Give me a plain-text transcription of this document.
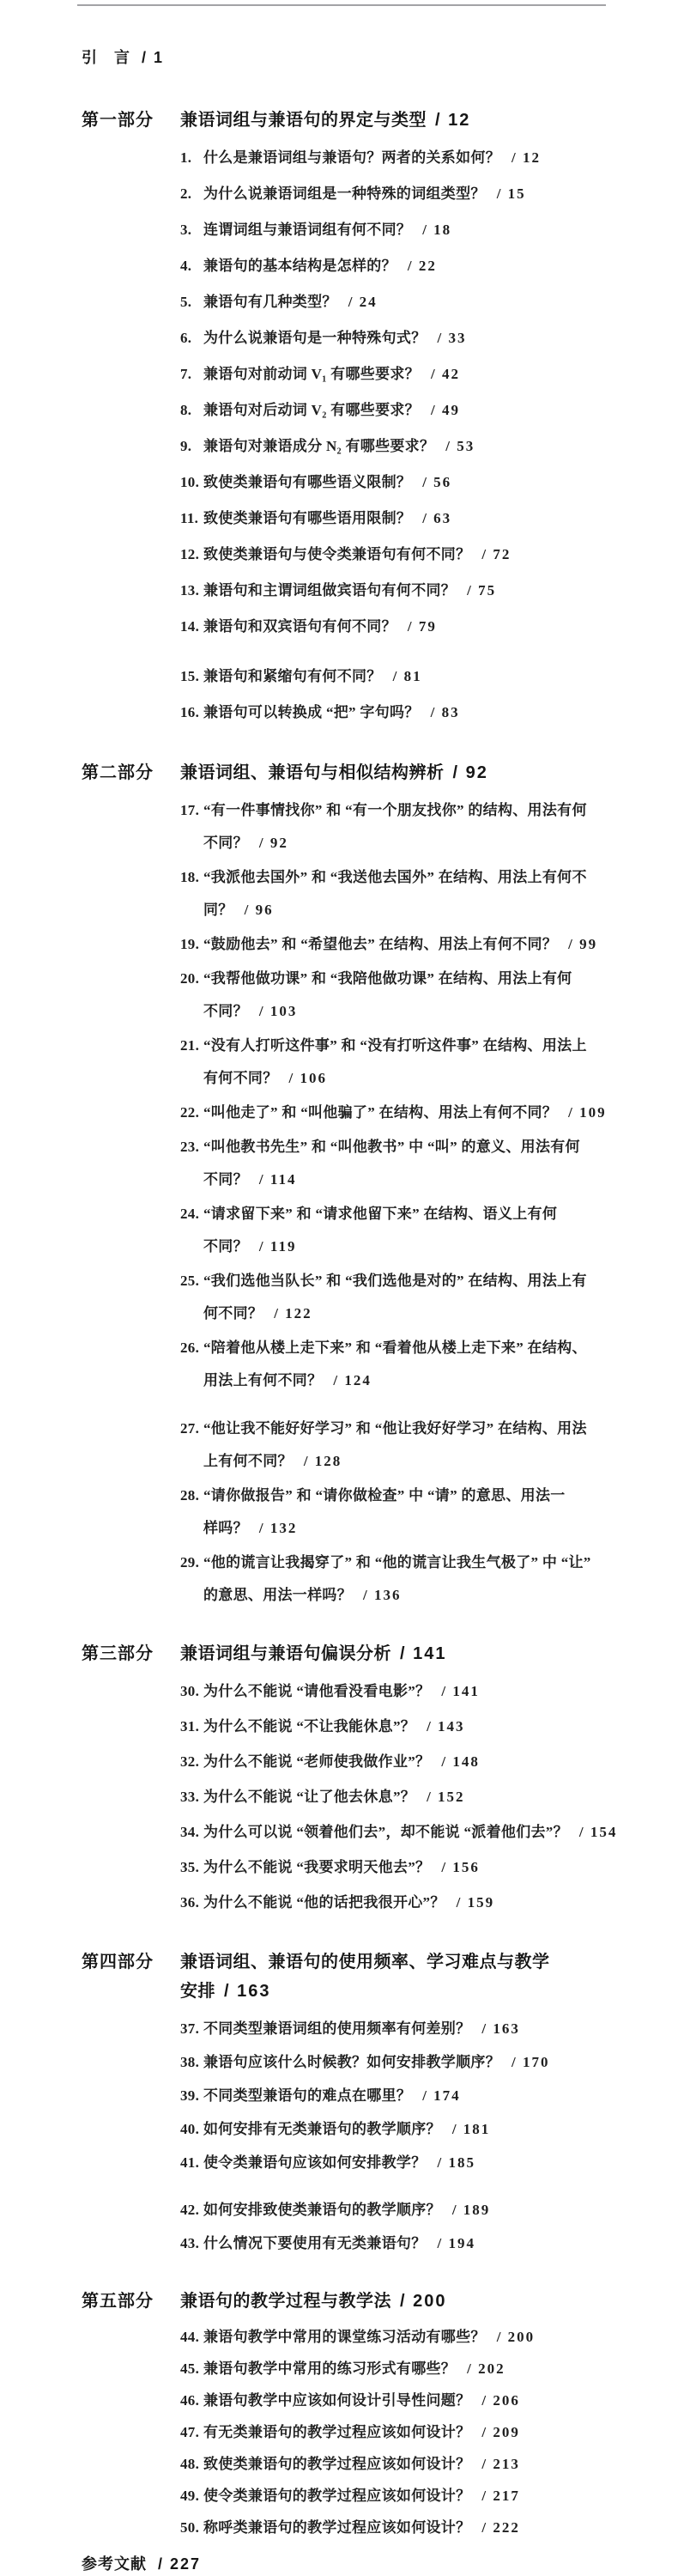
引　言 / 1
第一部分	兼语词组与兼语句的界定与类型 / 12
1. 什么是兼语词组与兼语句？两者的关系如何？ / 12
2. 为什么说兼语词组是一种特殊的词组类型？ / 15
3. 连谓词组与兼语词组有何不同？ / 18
4. 兼语句的基本结构是怎样的？ / 22
5. 兼语句有几种类型？ / 24
6. 为什么说兼语句是一种特殊句式？ / 33
7. 兼语句对前动词 V₁ 有哪些要求？ / 42
8. 兼语句对后动词 V₂ 有哪些要求？ / 49
9. 兼语句对兼语成分 N₂ 有哪些要求？ / 53
10. 致使类兼语句有哪些语义限制？ / 56
11. 致使类兼语句有哪些语用限制？ / 63
12. 致使类兼语句与使令类兼语句有何不同？ / 72
13. 兼语句和主谓词组做宾语句有何不同？ / 75
14. 兼语句和双宾语句有何不同？ / 79
15. 兼语句和紧缩句有何不同？ / 81
16. 兼语句可以转换成 “把” 字句吗？ / 83
第二部分	兼语词组、兼语句与相似结构辨析 / 92
17. “有一件事情找你” 和 “有一个朋友找你” 的结构、用法有何
不同？ / 92
18. “我派他去国外” 和 “我送他去国外” 在结构、用法上有何不
同？ / 96
19. “鼓励他去” 和 “希望他去” 在结构、用法上有何不同？ / 99
20. “我帮他做功课” 和 “我陪他做功课” 在结构、用法上有何
不同？ / 103
21. “没有人打听这件事” 和 “没有打听这件事” 在结构、用法上
有何不同？ / 106
22. “叫他走了” 和 “叫他骗了” 在结构、用法上有何不同？ / 109
23. “叫他教书先生” 和 “叫他教书” 中 “叫” 的意义、用法有何
不同？ / 114
24. “请求留下来” 和 “请求他留下来” 在结构、语义上有何
不同？ / 119
25. “我们选他当队长” 和 “我们选他是对的” 在结构、用法上有
何不同？ / 122
26. “陪着他从楼上走下来” 和 “看着他从楼上走下来” 在结构、
用法上有何不同？ / 124
27. “他让我不能好好学习” 和 “他让我好好学习” 在结构、用法
上有何不同？ / 128
28. “请你做报告” 和 “请你做检查” 中 “请” 的意思、用法一
样吗？ / 132
29. “他的谎言让我揭穿了” 和 “他的谎言让我生气极了” 中 “让”
的意思、用法一样吗？ / 136
第三部分	兼语词组与兼语句偏误分析 / 141
30. 为什么不能说 “请他看没看电影”？ / 141
31. 为什么不能说 “不让我能休息”？ / 143
32. 为什么不能说 “老师使我做作业”？ / 148
33. 为什么不能说 “让了他去休息”？ / 152
34. 为什么可以说 “领着他们去”，却不能说 “派着他们去”？ / 154
35. 为什么不能说 “我要求明天他去”？ / 156
36. 为什么不能说 “他的话把我很开心”？ / 159
第四部分	兼语词组、兼语句的使用频率、学习难点与教学
安排 / 163
37. 不同类型兼语词组的使用频率有何差别？ / 163
38. 兼语句应该什么时候教？如何安排教学顺序？ / 170
39. 不同类型兼语句的难点在哪里？ / 174
40. 如何安排有无类兼语句的教学顺序？ / 181
41. 使令类兼语句应该如何安排教学？ / 185
42. 如何安排致使类兼语句的教学顺序？ / 189
43. 什么情况下要使用有无类兼语句？ / 194
第五部分	兼语句的教学过程与教学法 / 200
44. 兼语句教学中常用的课堂练习活动有哪些？ / 200
45. 兼语句教学中常用的练习形式有哪些？ / 202
46. 兼语句教学中应该如何设计引导性问题？ / 206
47. 有无类兼语句的教学过程应该如何设计？ / 209
48. 致使类兼语句的教学过程应该如何设计？ / 213
49. 使令类兼语句的教学过程应该如何设计？ / 217
50. 称呼类兼语句的教学过程应该如何设计？ / 222
参考文献 / 227
